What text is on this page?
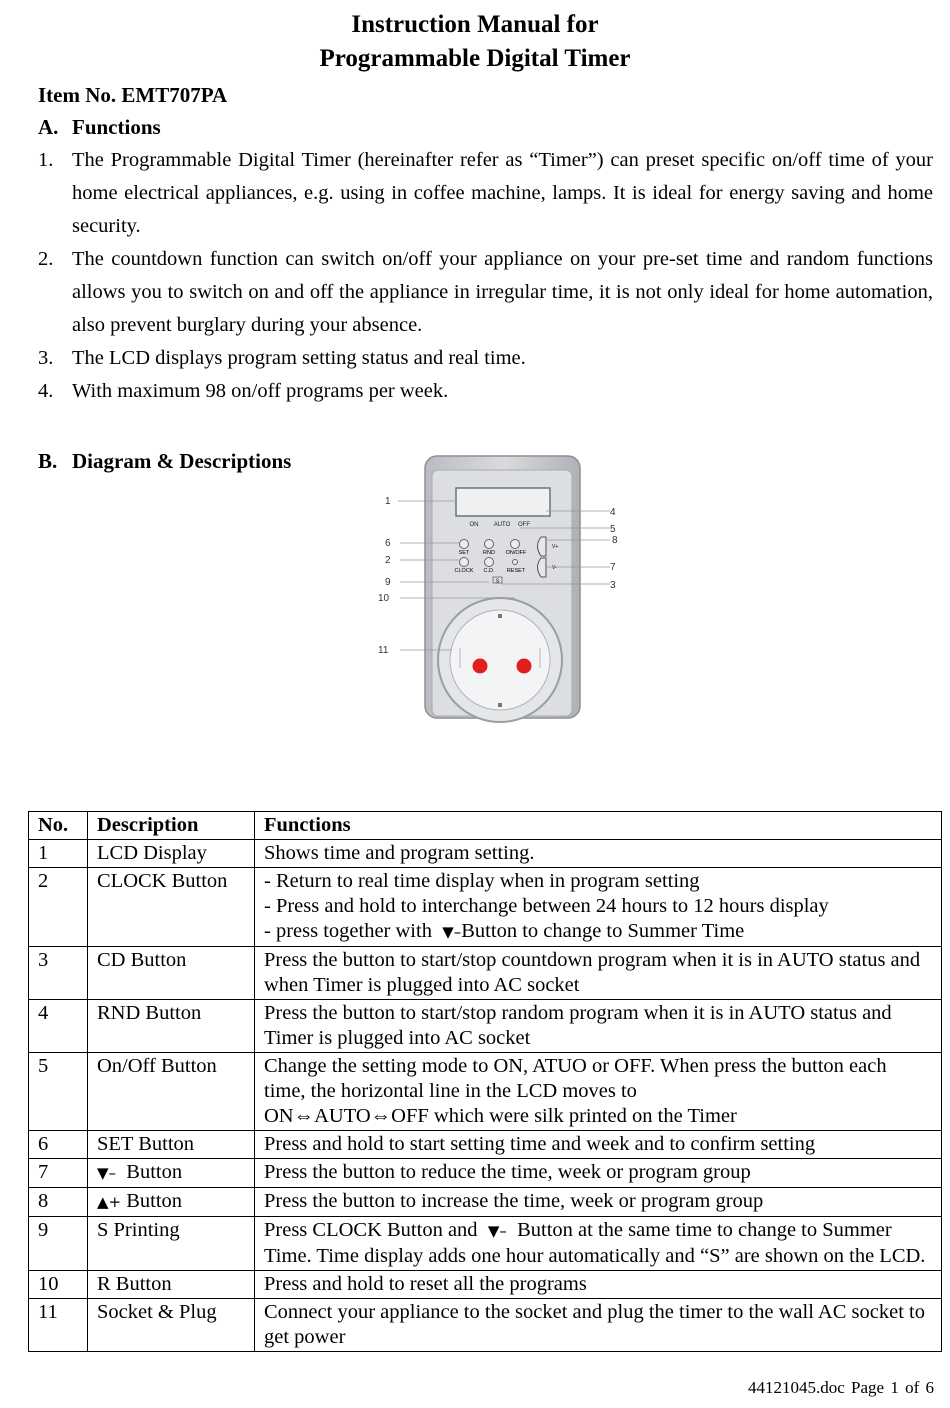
Instruction Manual for
Programmable Digital Timer
Item No. EMT707PA
A. Functions
1. The Programmable Digital Timer (hereinafter refer as “Timer”) can preset specific on/off time of your home electrical appliances, e.g. using in coffee machine, lamps. It is ideal for energy saving and home security.
2. The countdown function can switch on/off your appliance on your pre-set time and random functions allows you to switch on and off the appliance in irregular time, it is not only ideal for home automation, also prevent burglary during your absence.
3. The LCD displays program setting status and real time.
4. With maximum 98 on/off programs per week.
B. Diagram & Descriptions
ON	AUTO OFF
SET RND ON/OFF
CLOCK C.D. RESET
S
V+
V-
1
4
5
8
6
2
7
9	3
10
11
No.	Description	Functions
1	LCD Display	Shows time and program setting.

2	CLOCK Button	- Return to real time display when in program setting
- Press and hold to interchange between 24 hours to 12 hours display
- press together with ▼–Button to change to Summer Time

3	CD Button	Press the button to start/stop countdown program when it is in AUTO status and when Timer is plugged into AC socket
4	RND Button	Press the button to start/stop random program when it is in AUTO status and Timer is plugged into AC socket
5	On/Off Button	Change the setting mode to ON, ATUO or OFF. When press the button each time, the horizontal line in the LCD moves to
ON⇔AUTO⇔OFF which were silk printed on the Timer

6	SET Button	Press and hold to start setting time and week and to confirm setting
7	▼– Button	Press the button to reduce the time, week or program group
8	▲+ Button	Press the button to increase the time, week or program group
9	S Printing	Press CLOCK Button and ▼– Button at the same time to change to Summer Time. Time display adds one hour automatically and “S” are shown on the LCD.
10	R Button	Press and hold to reset all the programs
11	Socket & Plug	Connect your appliance to the socket and plug the timer to the wall AC socket to get power
44121045.doc Page 1 of 6
